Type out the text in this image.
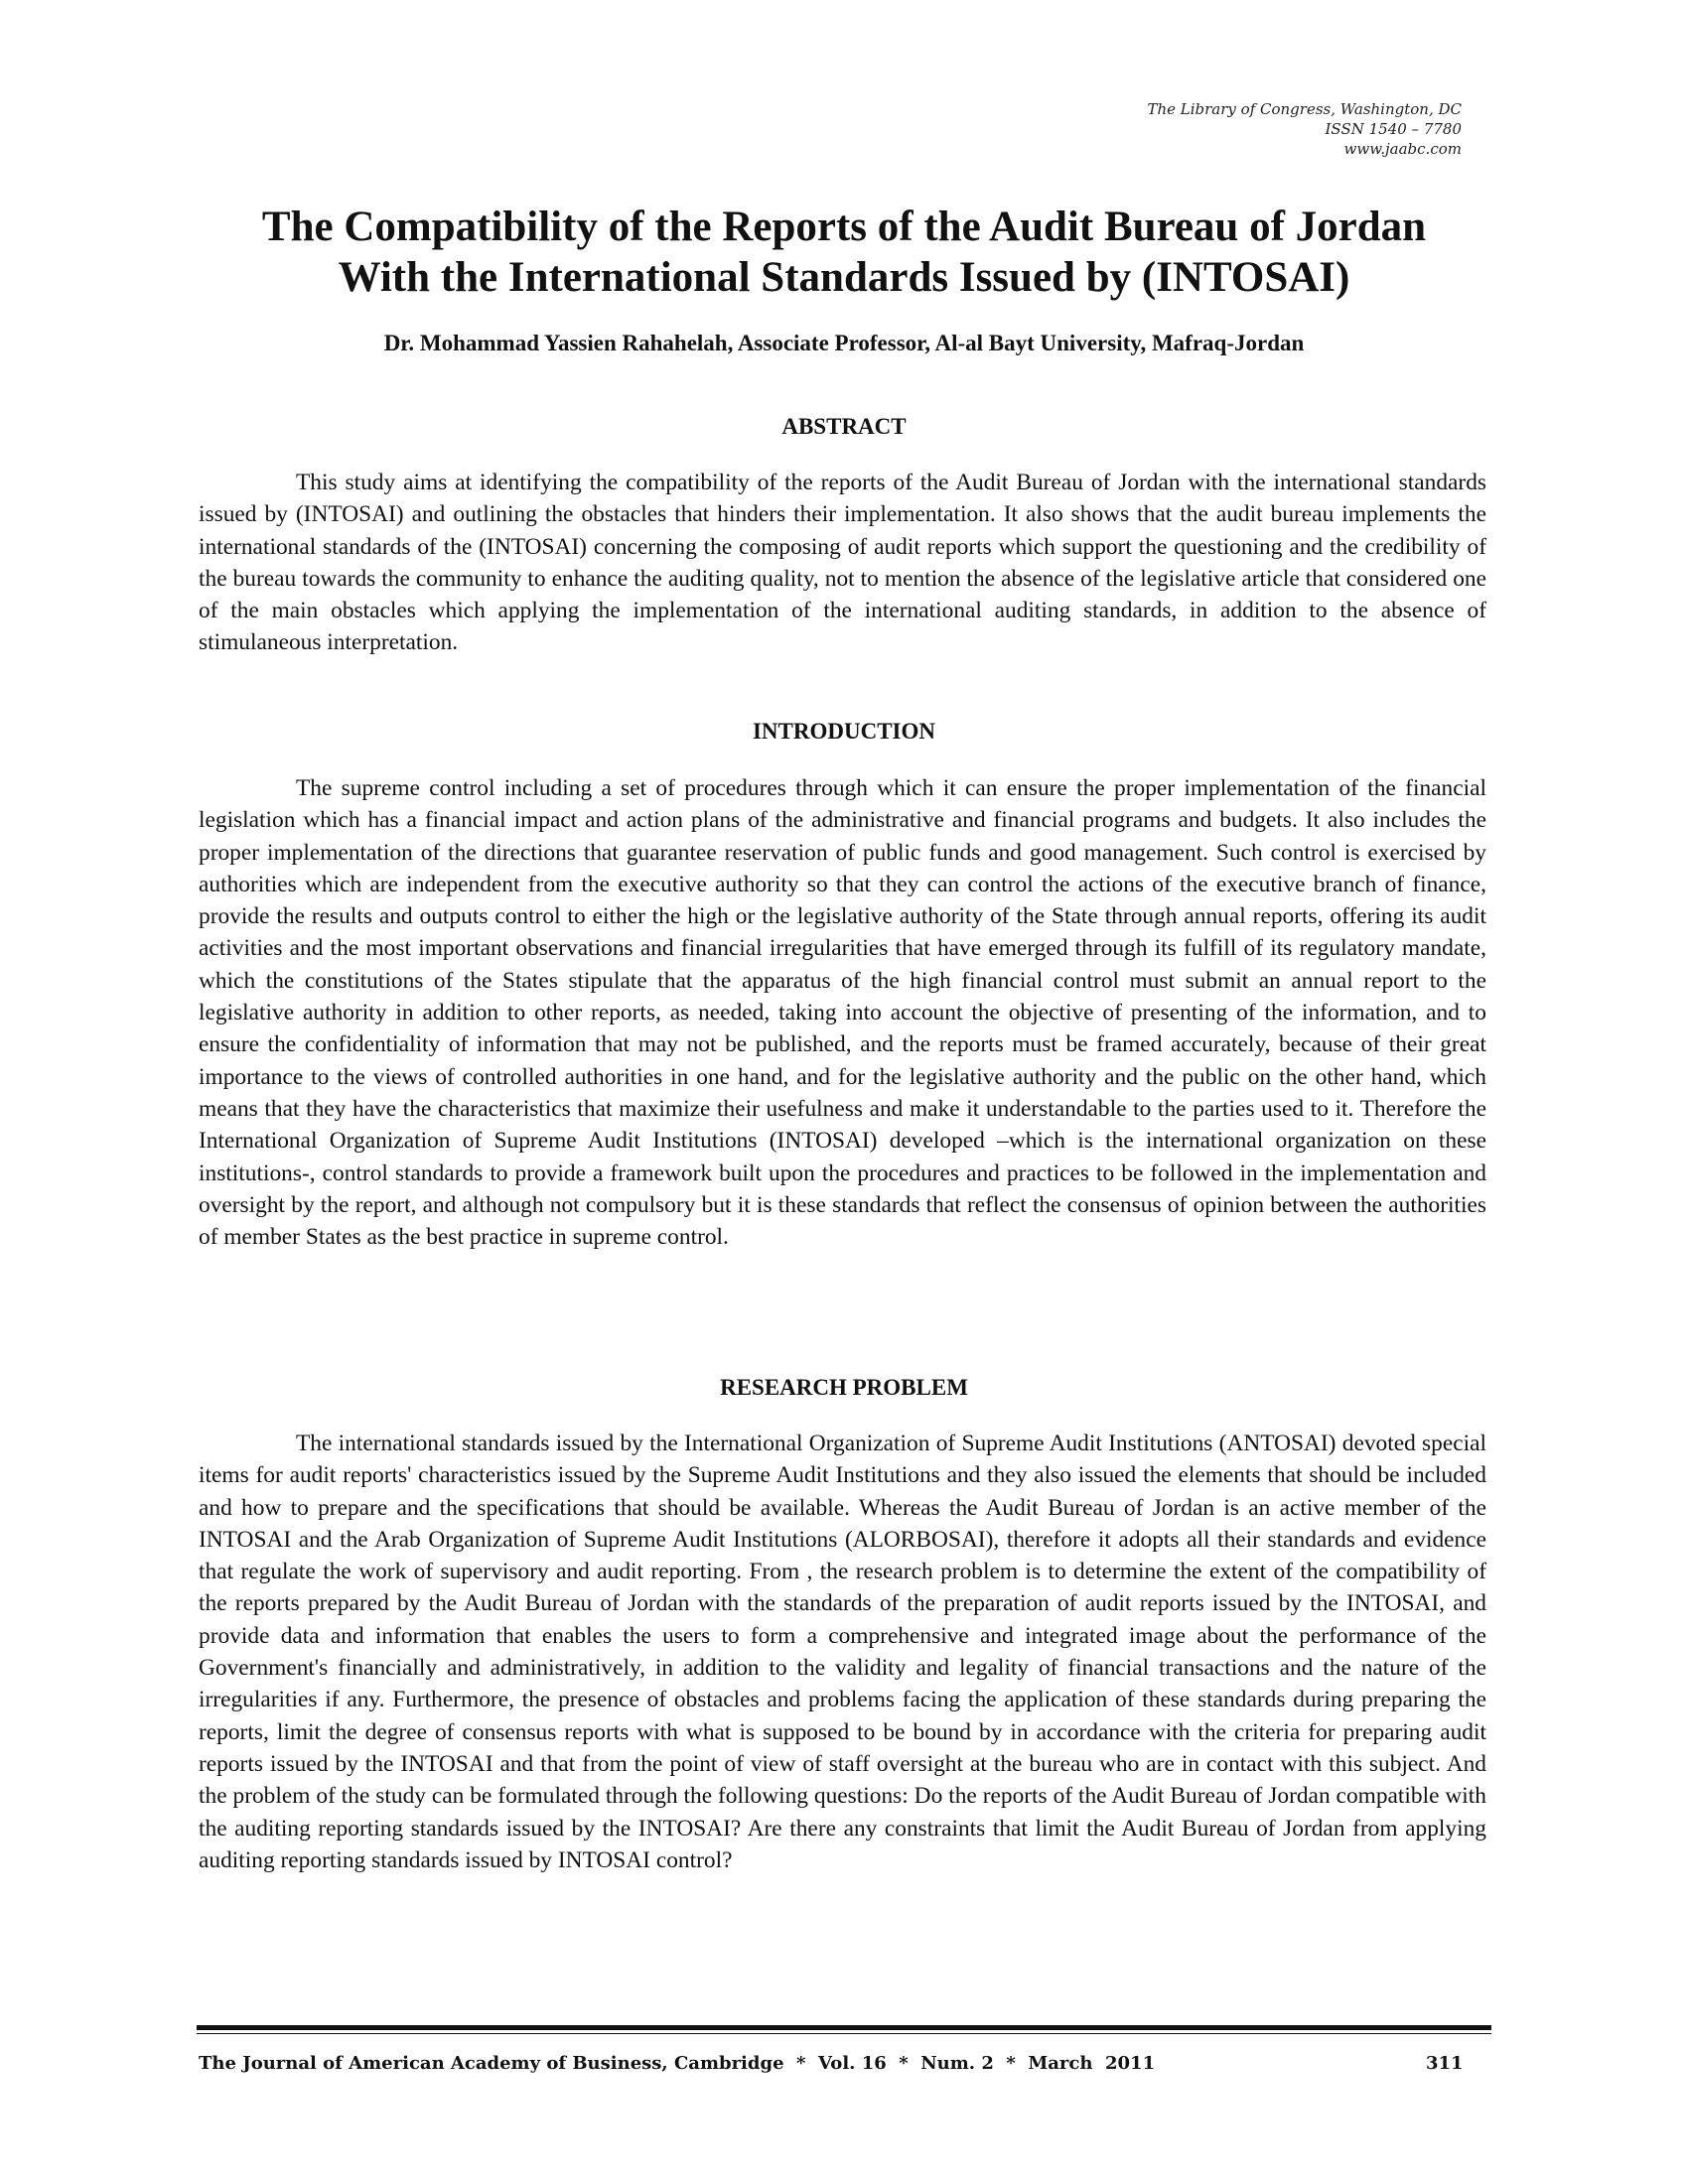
The Library of Congress, Washington, DC
ISSN 1540 – 7780
www.jaabc.com
The Compatibility of the Reports of the Audit Bureau of Jordan
With the International Standards Issued by (INTOSAI)
Dr. Mohammad Yassien Rahahelah, Associate Professor, Al-al Bayt University, Mafraq-Jordan
ABSTRACT

This study aims at identifying the compatibility of the reports of the Audit Bureau of Jordan with the international standards issued by (INTOSAI) and outlining the obstacles that hinders their implementation. It also shows that the audit bureau implements the international standards of the (INTOSAI) concerning the composing of audit reports which support the questioning and the credibility of the bureau towards the community to enhance the auditing quality, not to mention the absence of the legislative article that considered one of the main obstacles which applying the implementation of the international auditing standards, in addition to the absence of stimulaneous interpretation.

INTRODUCTION

The supreme control including a set of procedures through which it can ensure the proper implementation of the financial legislation which has a financial impact and action plans of the administrative and financial programs and budgets. It also includes the proper implementation of the directions that guarantee reservation of public funds and good management. Such control is exercised by authorities which are independent from the executive authority so that they can control the actions of the executive branch of finance, provide the results and outputs control to either the high or the legislative authority of the State through annual reports, offering its audit activities and the most important observations and financial irregularities that have emerged through its fulfill of its regulatory mandate, which the constitutions of the States stipulate that the apparatus of the high financial control must submit an annual report to the legislative authority in addition to other reports, as needed, taking into account the objective of presenting of the information, and to ensure the confidentiality of information that may not be published, and the reports must be framed accurately, because of their great importance to the views of controlled authorities in one hand, and for the legislative authority and the public on the other hand, which means that they have the characteristics that maximize their usefulness and make it understandable to the parties used to it. Therefore the International Organization of Supreme Audit Institutions (INTOSAI) developed –which is the international organization on these institutions-, control standards to provide a framework built upon the procedures and practices to be followed in the implementation and oversight by the report, and although not compulsory but it is these standards that reflect the consensus of opinion between the authorities of member States as the best practice in supreme control.

RESEARCH PROBLEM

The international standards issued by the International Organization of Supreme Audit Institutions (ANTOSAI) devoted special items for audit reports' characteristics issued by the Supreme Audit Institutions and they also issued the elements that should be included and how to prepare and the specifications that should be available. Whereas the Audit Bureau of Jordan is an active member of the INTOSAI and the Arab Organization of Supreme Audit Institutions (ALORBOSAI), therefore it adopts all their standards and evidence that regulate the work of supervisory and audit reporting. From , the research problem is to determine the extent of the compatibility of the reports prepared by the Audit Bureau of Jordan with the standards of the preparation of audit reports issued by the INTOSAI, and provide data and information that enables the users to form a comprehensive and integrated image about the performance of the Government's financially and administratively, in addition to the validity and legality of financial transactions and the nature of the irregularities if any. Furthermore, the presence of obstacles and problems facing the application of these standards during preparing the reports, limit the degree of consensus reports with what is supposed to be bound by in accordance with the criteria for preparing audit reports issued by the INTOSAI and that from the point of view of staff oversight at the bureau who are in contact with this subject. And the problem of the study can be formulated through the following questions: Do the reports of the Audit Bureau of Jordan compatible with the auditing reporting standards issued by the INTOSAI? Are there any constraints that limit the Audit Bureau of Jordan from applying auditing reporting standards issued by INTOSAI control?

The Journal of American Academy of Business, Cambridge  *  Vol. 16  *  Num. 2  *  March  2011	311
